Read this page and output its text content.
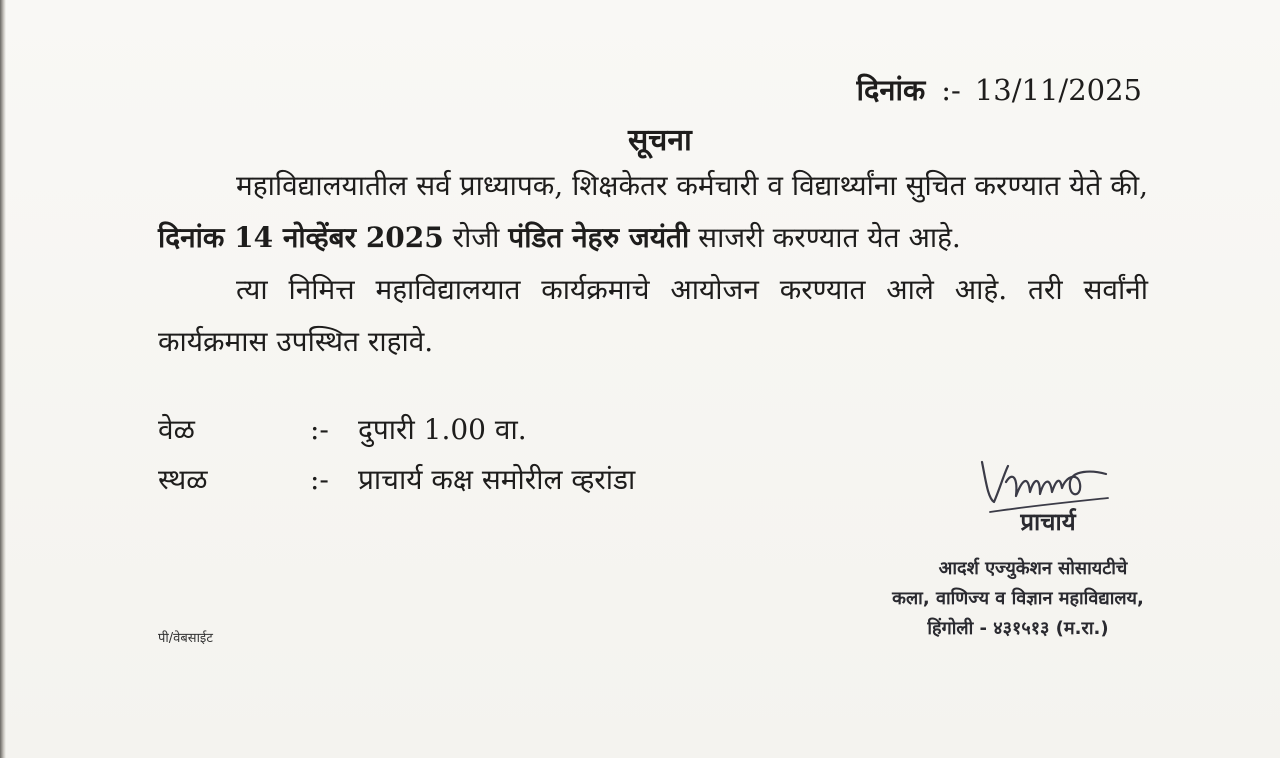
दिनांक :- 13/11/2025
सूचना

महाविद्यालयातील सर्व प्राध्यापक, शिक्षकेतर कर्मचारी व विद्यार्थ्यांना सुचित करण्यात येते की, दिनांक 14 नोव्हेंबर 2025 रोजी पंडित नेहरु जयंती साजरी करण्यात येत आहे.

त्या निमित्त महाविद्यालयात कार्यक्रमाचे आयोजन करण्यात आले आहे. तरी सर्वांनी कार्यक्रमास उपस्थित राहावे.

वेळ	:- दुपारी 1.00 वा.
स्थळ	:- प्राचार्य कक्ष समोरील व्हरांडा
प्राचार्य
आदर्श एज्युकेशन सोसायटीचे
कला, वाणिज्य व विज्ञान महाविद्यालय,
हिंगोली - ४३१५१३ (म.रा.)
पी/वेबसाईट
